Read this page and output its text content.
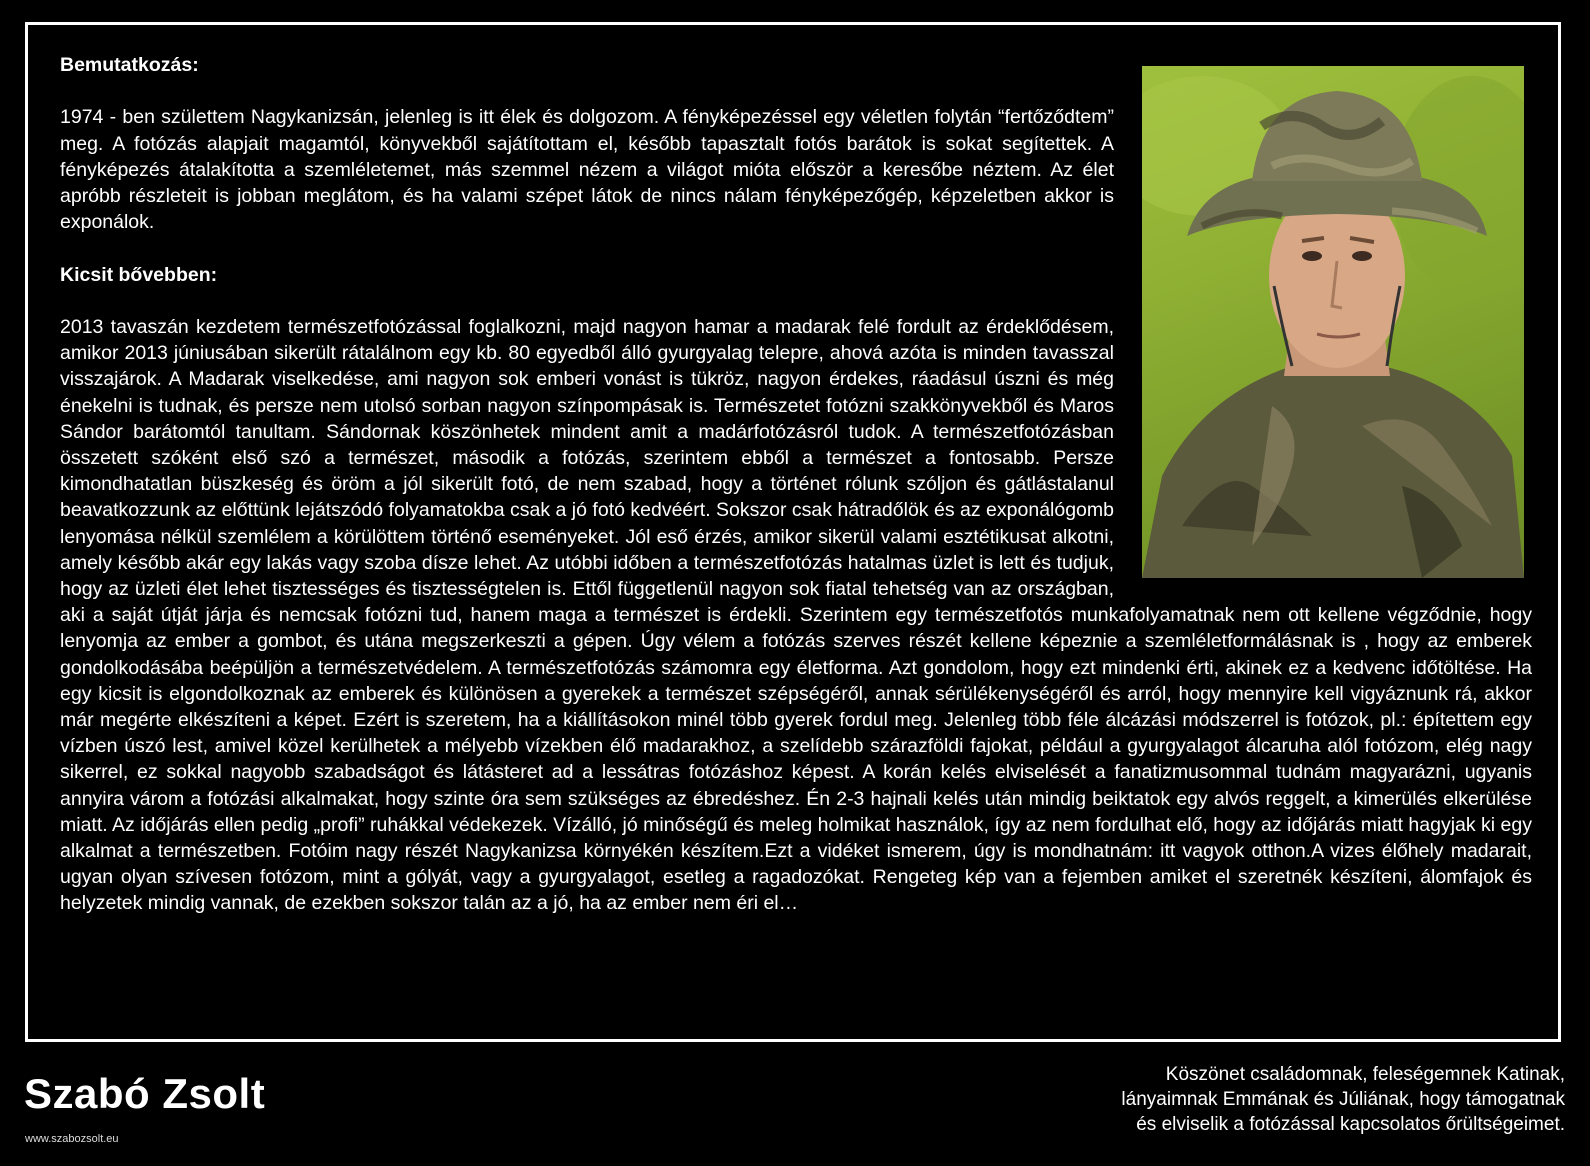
Bemutatkozás:

1974 - ben születtem Nagykanizsán, jelenleg is itt élek és dolgozom. A fényképezéssel egy véletlen folytán “fertőződtem” meg. A fotózás alapjait magamtól, könyvekből sajátítottam el, később tapasztalt fotós barátok is sokat segítettek. A fényképezés átalakította a szemléletemet, más szemmel nézem a világot mióta először a keresőbe néztem. Az élet apróbb részleteit is jobban meglátom, és ha valami szépet látok de nincs nálam fényképezőgép, képzeletben akkor is exponálok.

Kicsit bővebben:

2013 tavaszán kezdetem természetfotózással foglalkozni, majd nagyon hamar a madarak felé fordult az érdeklődésem, amikor 2013 júniusában sikerült rátalálnom egy kb. 80 egyedből álló gyurgyalag telepre, ahová azóta is minden tavasszal visszajárok. A Madarak viselkedése, ami nagyon sok emberi vonást is tükröz, nagyon érdekes, ráadásul úszni és még énekelni is tudnak, és persze nem utolsó sorban nagyon színpompásak is. Természetet fotózni szakkönyvekből és Maros Sándor barátomtól tanultam. Sándornak köszönhetek mindent amit a madárfotózásról tudok. A természetfotózásban összetett szóként első szó a természet, második a fotózás, szerintem ebből a természet a fontosabb. Persze kimondhatatlan büszkeség és öröm a jól sikerült fotó, de nem szabad, hogy a történet rólunk szóljon és gátlástalanul beavatkozzunk az előttünk lejátszódó folyamatokba csak a jó fotó kedvéért. Sokszor csak hátradőlök és az exponálógomb lenyomása nélkül szemlélem a körülöttem történő eseményeket. Jól eső érzés, amikor sikerül valami esztétikusat alkotni, amely később akár egy lakás vagy szoba dísze lehet. Az utóbbi időben a természetfotózás hatalmas üzlet is lett és tudjuk, hogy az üzleti élet lehet tisztességes és tisztességtelen is. Ettől függetlenül nagyon sok fiatal tehetség van az országban, aki a saját útját járja és nemcsak fotózni tud, hanem maga a természet is érdekli. Szerintem egy természetfotós munkafolyamatnak nem ott kellene végződnie, hogy lenyomja az ember a gombot, és utána megszerkeszti a gépen. Úgy vélem a fotózás szerves részét kellene képeznie a szemléletformálásnak is , hogy az emberek gondolkodásába beépüljön a természetvédelem. A természetfotózás számomra egy életforma. Azt gondolom, hogy ezt mindenki érti, akinek ez a kedvenc időtöltése. Ha egy kicsit is elgondolkoznak az emberek és különösen a gyerekek a természet szépségéről, annak sérülékenységéről és arról, hogy mennyire kell vigyáznunk rá, akkor már megérte elkészíteni a képet. Ezért is szeretem, ha a kiállításokon minél több gyerek fordul meg. Jelenleg több féle álcázási módszerrel is fotózok, pl.: építettem egy vízben úszó lest, amivel közel kerülhetek a mélyebb vízekben élő madarakhoz, a szelídebb szárazföldi fajokat, például a gyurgyalagot álcaruha alól fotózom, elég nagy sikerrel, ez sokkal nagyobb szabadságot és látásteret ad a lessátras fotózáshoz képest. A korán kelés elviselését a fanatizmusommal tudnám magyarázni, ugyanis annyira várom a fotózási alkalmakat, hogy szinte óra sem szükséges az ébredéshez. Én 2-3 hajnali kelés után mindig beiktatok egy alvós reggelt, a kimerülés elkerülése miatt. Az időjárás ellen pedig „profi” ruhákkal védekezek. Vízálló, jó minőségű és meleg holmikat használok, így az nem fordulhat elő, hogy az időjárás miatt hagyjak ki egy alkalmat a természetben. Fotóim nagy részét Nagykanizsa környékén készítem.Ezt a vidéket ismerem, úgy is mondhatnám: itt vagyok otthon.A vizes élőhely madarait, ugyan olyan szívesen fotózom, mint a gólyát, vagy a gyurgyalagot, esetleg a ragadozókat. Rengeteg kép van a fejemben amiket el szeretnék készíteni, álomfajok és helyzetek mindig vannak, de ezekben sokszor talán az a jó, ha az ember nem éri el…

Szabó Zsolt
www.szabozsolt.eu
Köszönet családomnak, feleségemnek Katinak,
lányaimnak Emmának és Júliának, hogy támogatnak
és elviselik a fotózással kapcsolatos őrültségeimet.
